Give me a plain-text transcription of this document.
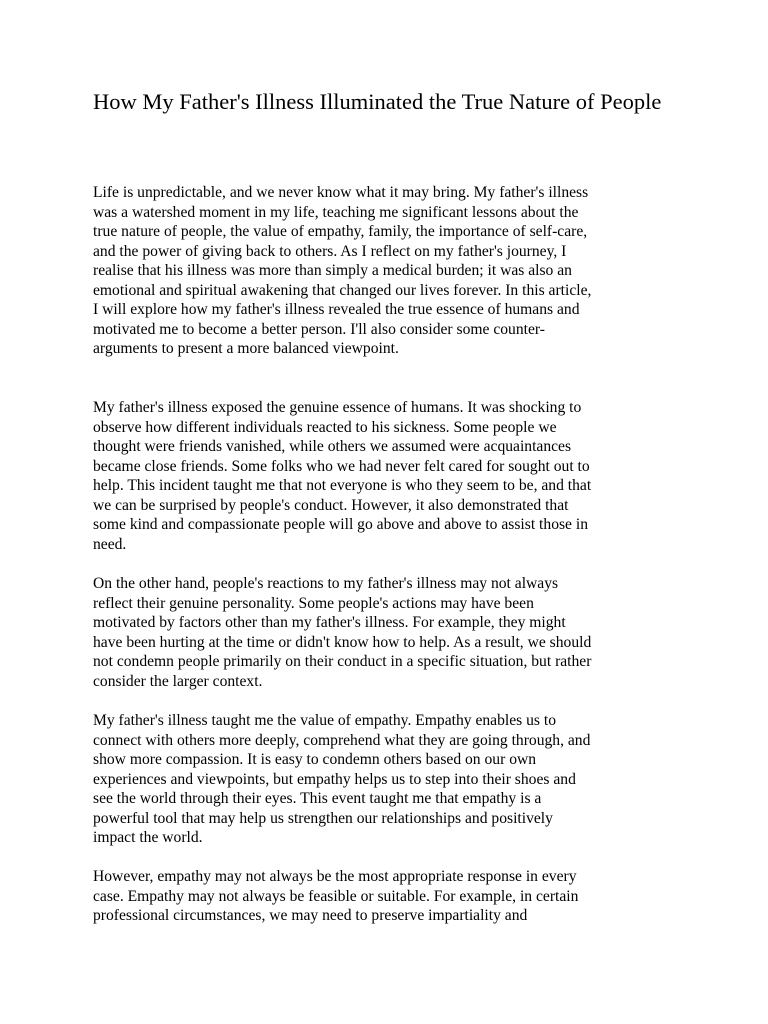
How My Father's Illness Illuminated the True Nature of People

Life is unpredictable, and we never know what it may bring. My father's illness
was a watershed moment in my life, teaching me significant lessons about the
true nature of people, the value of empathy, family, the importance of self-care,
and the power of giving back to others. As I reflect on my father's journey, I
realise that his illness was more than simply a medical burden; it was also an
emotional and spiritual awakening that changed our lives forever. In this article,
I will explore how my father's illness revealed the true essence of humans and
motivated me to become a better person. I'll also consider some counter-
arguments to present a more balanced viewpoint.

My father's illness exposed the genuine essence of humans. It was shocking to
observe how different individuals reacted to his sickness. Some people we
thought were friends vanished, while others we assumed were acquaintances
became close friends. Some folks who we had never felt cared for sought out to
help. This incident taught me that not everyone is who they seem to be, and that
we can be surprised by people's conduct. However, it also demonstrated that
some kind and compassionate people will go above and above to assist those in
need.

On the other hand, people's reactions to my father's illness may not always
reflect their genuine personality. Some people's actions may have been
motivated by factors other than my father's illness. For example, they might
have been hurting at the time or didn't know how to help. As a result, we should
not condemn people primarily on their conduct in a specific situation, but rather
consider the larger context.

My father's illness taught me the value of empathy. Empathy enables us to
connect with others more deeply, comprehend what they are going through, and
show more compassion. It is easy to condemn others based on our own
experiences and viewpoints, but empathy helps us to step into their shoes and
see the world through their eyes. This event taught me that empathy is a
powerful tool that may help us strengthen our relationships and positively
impact the world.

However, empathy may not always be the most appropriate response in every
case. Empathy may not always be feasible or suitable. For example, in certain
professional circumstances, we may need to preserve impartiality and
